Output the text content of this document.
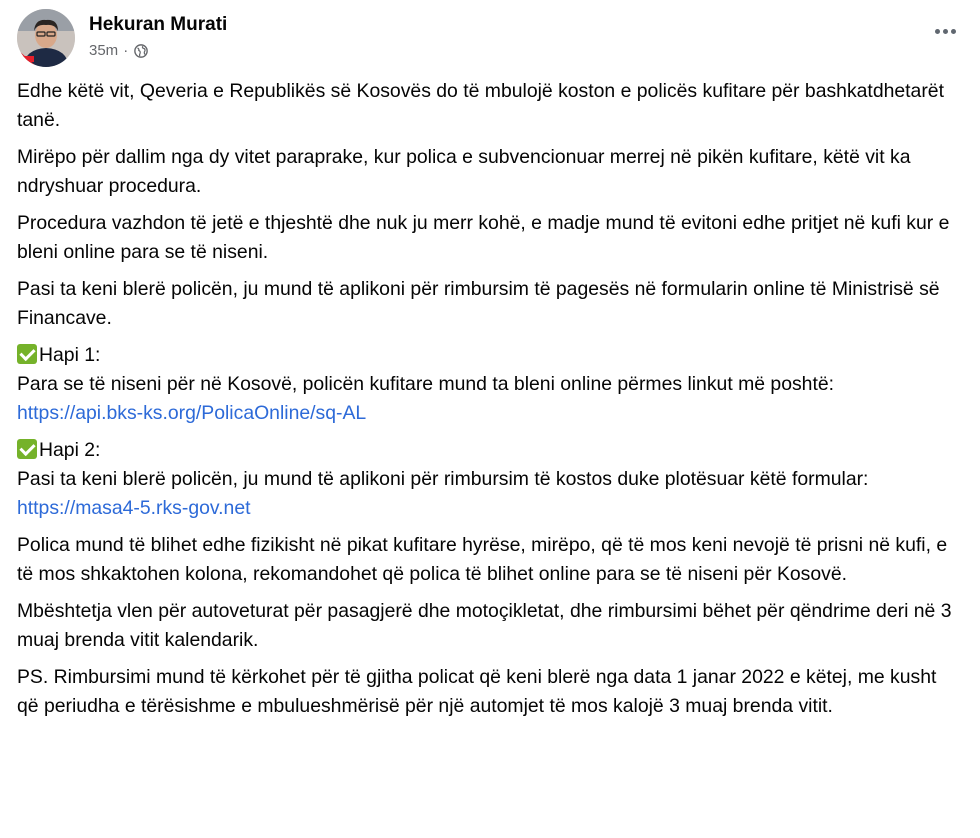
Hekuran Murati
35m ·

Edhe këtë vit, Qeveria e Republikës së Kosovës do të mbulojë koston e policës kufitare për bashkatdhetarët tanë.

Mirëpo për dallim nga dy vitet paraprake, kur polica e subvencionuar merrej në pikën kufitare, këtë vit ka ndryshuar procedura.

Procedura vazhdon të jetë e thjeshtë dhe nuk ju merr kohë, e madje mund të evitoni edhe pritjet në kufi kur e bleni online para se të niseni.

Pasi ta keni blerë policën, ju mund të aplikoni për rimbursim të pagesës në formularin online të Ministrisë së Financave.

Hapi 1:
Para se të niseni për në Kosovë, policën kufitare mund ta bleni online përmes linkut më poshtë:
https://api.bks-ks.org/PolicaOnline/sq-AL

Hapi 2:
Pasi ta keni blerë policën, ju mund të aplikoni për rimbursim të kostos duke plotësuar këtë formular:
https://masa4-5.rks-gov.net

Polica mund të blihet edhe fizikisht në pikat kufitare hyrëse, mirëpo, që të mos keni nevojë të prisni në kufi, e të mos shkaktohen kolona, rekomandohet që polica të blihet online para se të niseni për Kosovë.

Mbështetja vlen për autoveturat për pasagjerë dhe motoçikletat, dhe rimbursimi bëhet për qëndrime deri në 3 muaj brenda vitit kalendarik.

PS. Rimbursimi mund të kërkohet për të gjitha policat që keni blerë nga data 1 janar 2022 e këtej, me kusht që periudha e tërësishme e mbulueshmërisë për një automjet të mos kalojë 3 muaj brenda vitit.
